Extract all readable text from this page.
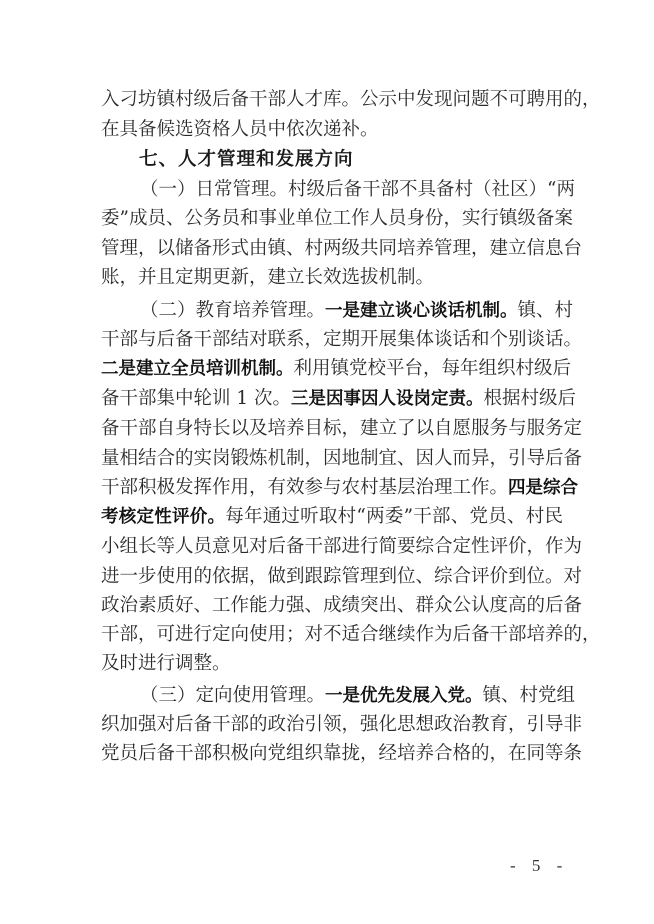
入刁坊镇村级后备干部人才库。公示中发现问题不可聘用的，
在具备候选资格人员中依次递补。
七、人才管理和发展方向
（一）日常管理。村级后备干部不具备村（社区）“两
委”成员、公务员和事业单位工作人员身份，实行镇级备案
管理，以储备形式由镇、村两级共同培养管理，建立信息台
账，并且定期更新，建立长效选拔机制。
（二）教育培养管理。一是建立谈心谈话机制。镇、村
干部与后备干部结对联系，定期开展集体谈话和个别谈话。
二是建立全员培训机制。利用镇党校平台，每年组织村级后
备干部集中轮训 1 次。三是因事因人设岗定责。根据村级后
备干部自身特长以及培养目标，建立了以自愿服务与服务定
量相结合的实岗锻炼机制，因地制宜、因人而异，引导后备
干部积极发挥作用，有效参与农村基层治理工作。四是综合
考核定性评价。每年通过听取村“两委”干部、党员、村民
小组长等人员意见对后备干部进行简要综合定性评价，作为
进一步使用的依据，做到跟踪管理到位、综合评价到位。对
政治素质好、工作能力强、成绩突出、群众公认度高的后备
干部，可进行定向使用；对不适合继续作为后备干部培养的，
及时进行调整。
（三）定向使用管理。一是优先发展入党。镇、村党组
织加强对后备干部的政治引领，强化思想政治教育，引导非
党员后备干部积极向党组织靠拢，经培养合格的，在同等条
- 5 -
